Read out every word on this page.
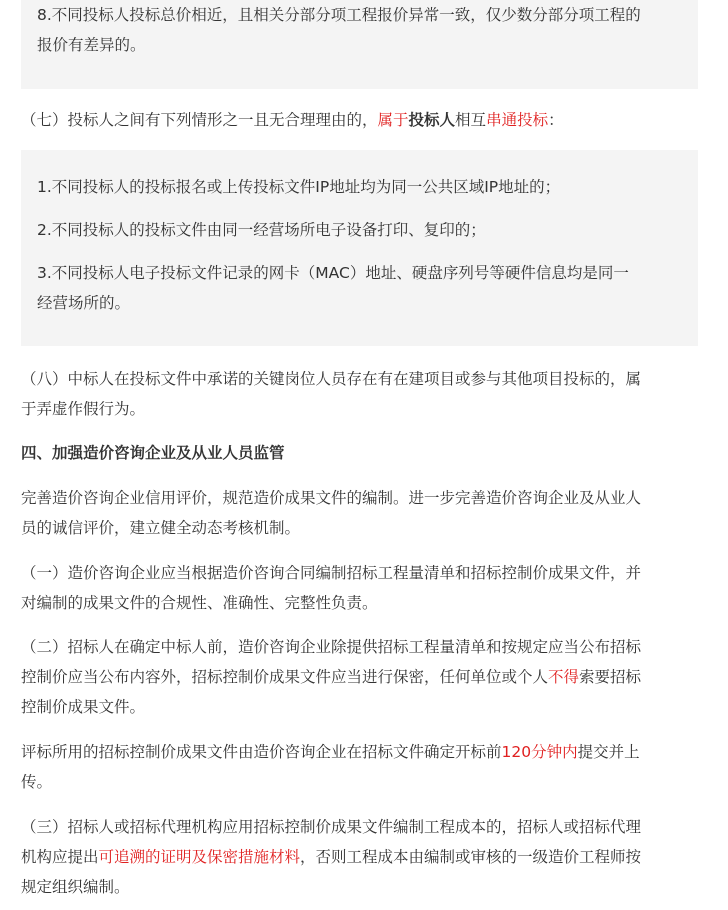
8.不同投标人投标总价相近，且相关分部分项工程报价异常一致，仅少数分部分项工程的
报价有差异的。
（七）投标人之间有下列情形之一且无合理理由的，属于投标人相互串通投标：
1.不同投标人的投标报名或上传投标文件IP地址均为同一公共区域IP地址的；
2.不同投标人的投标文件由同一经营场所电子设备打印、复印的；
3.不同投标人电子投标文件记录的网卡（MAC）地址、硬盘序列号等硬件信息均是同一
经营场所的。
（八）中标人在投标文件中承诺的关键岗位人员存在有在建项目或参与其他项目投标的，属
于弄虚作假行为。
四、加强造价咨询企业及从业人员监管
完善造价咨询企业信用评价，规范造价成果文件的编制。进一步完善造价咨询企业及从业人
员的诚信评价，建立健全动态考核机制。
（一）造价咨询企业应当根据造价咨询合同编制招标工程量清单和招标控制价成果文件，并
对编制的成果文件的合规性、准确性、完整性负责。
（二）招标人在确定中标人前，造价咨询企业除提供招标工程量清单和按规定应当公布招标
控制价应当公布内容外，招标控制价成果文件应当进行保密，任何单位或个人不得索要招标
控制价成果文件。
评标所用的招标控制价成果文件由造价咨询企业在招标文件确定开标前120分钟内提交并上
传。
（三）招标人或招标代理机构应用招标控制价成果文件编制工程成本的，招标人或招标代理
机构应提出可追溯的证明及保密措施材料，否则工程成本由编制或审核的一级造价工程师按
规定组织编制。
